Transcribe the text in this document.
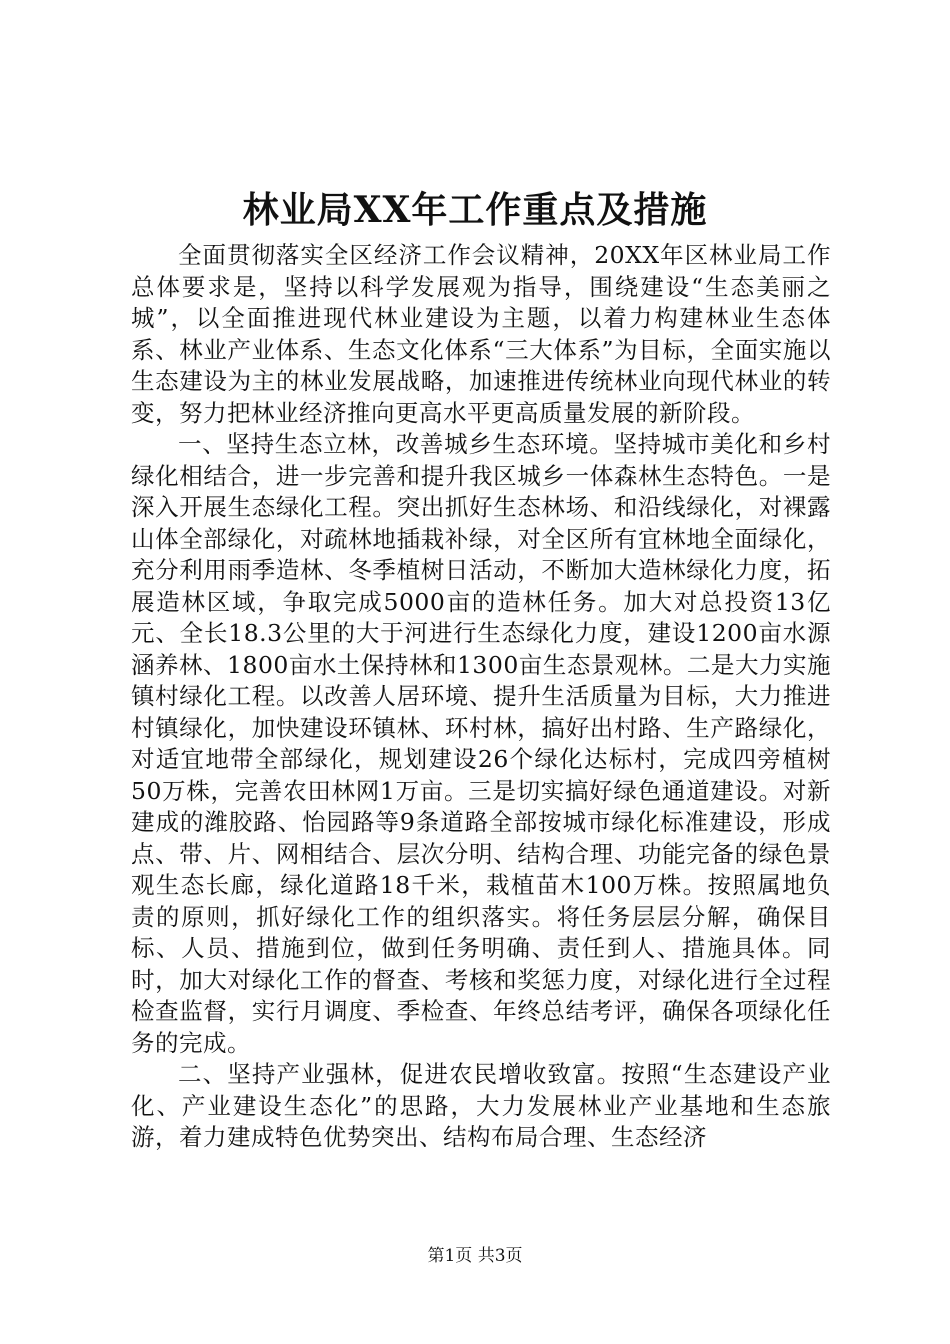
林业局XX年工作重点及措施

全面贯彻落实全区经济工作会议精神，20XX年区林业局工作总体要求是，坚持以科学发展观为指导，围绕建设“生态美丽之城”，以全面推进现代林业建设为主题，以着力构建林业生态体系、林业产业体系、生态文化体系“三大体系”为目标，全面实施以生态建设为主的林业发展战略，加速推进传统林业向现代林业的转变，努力把林业经济推向更高水平更高质量发展的新阶段。

一、坚持生态立林，改善城乡生态环境。坚持城市美化和乡村绿化相结合，进一步完善和提升我区城乡一体森林生态特色。一是深入开展生态绿化工程。突出抓好生态林场、和沿线绿化，对裸露山体全部绿化，对疏林地插栽补绿，对全区所有宜林地全面绿化，充分利用雨季造林、冬季植树日活动，不断加大造林绿化力度，拓展造林区域，争取完成5000亩的造林任务。加大对总投资13亿元、全长18.3公里的大于河进行生态绿化力度，建设1200亩水源涵养林、1800亩水土保持林和1300亩生态景观林。二是大力实施镇村绿化工程。以改善人居环境、提升生活质量为目标，大力推进村镇绿化，加快建设环镇林、环村林，搞好出村路、生产路绿化，对适宜地带全部绿化，规划建设26个绿化达标村，完成四旁植树50万株，完善农田林网1万亩。三是切实搞好绿色通道建设。对新建成的潍胶路、怡园路等9条道路全部按城市绿化标准建设，形成点、带、片、网相结合、层次分明、结构合理、功能完备的绿色景观生态长廊，绿化道路18千米，栽植苗木100万株。按照属地负责的原则，抓好绿化工作的组织落实。将任务层层分解，确保目标、人员、措施到位，做到任务明确、责任到人、措施具体。同时，加大对绿化工作的督查、考核和奖惩力度，对绿化进行全过程检查监督，实行月调度、季检查、年终总结考评，确保各项绿化任务的完成。

二、坚持产业强林，促进农民增收致富。按照“生态建设产业化、产业建设生态化”的思路，大力发展林业产业基地和生态旅游，着力建成特色优势突出、结构布局合理、生态经济

第1页 共3页
